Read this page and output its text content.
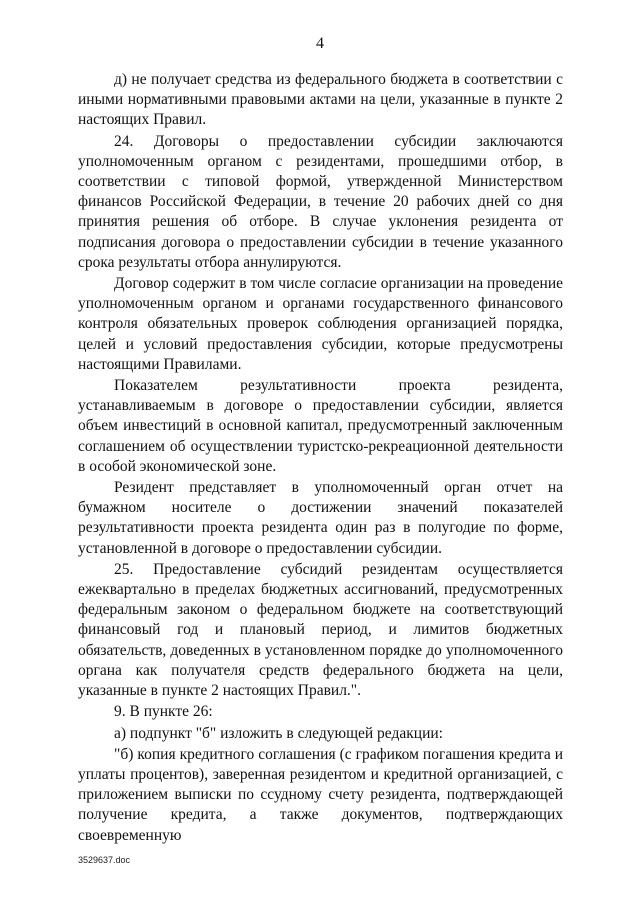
4

д) не получает средства из федерального бюджета в соответствии с иными нормативными правовыми актами на цели, указанные в пункте 2 настоящих Правил.

24. Договоры о предоставлении субсидии заключаются уполномоченным органом с резидентами, прошедшими отбор, в соответствии с типовой формой, утвержденной Министерством финансов Российской Федерации, в течение 20 рабочих дней со дня принятия решения об отборе. В случае уклонения резидента от подписания договора о предоставлении субсидии в течение указанного срока результаты отбора аннулируются.

Договор содержит в том числе согласие организации на проведение уполномоченным органом и органами государственного финансового контроля обязательных проверок соблюдения организацией порядка, целей и условий предоставления субсидии, которые предусмотрены настоящими Правилами.

Показателем результативности проекта резидента, устанавливаемым в договоре о предоставлении субсидии, является объем инвестиций в основной капитал, предусмотренный заключенным соглашением об осуществлении туристско-рекреационной деятельности в особой экономической зоне.

Резидент представляет в уполномоченный орган отчет на бумажном носителе о достижении значений показателей результативности проекта резидента один раз в полугодие по форме, установленной в договоре о предоставлении субсидии.

25. Предоставление субсидий резидентам осуществляется ежеквартально в пределах бюджетных ассигнований, предусмотренных федеральным законом о федеральном бюджете на соответствующий финансовый год и плановый период, и лимитов бюджетных обязательств, доведенных в установленном порядке до уполномоченного органа как получателя средств федерального бюджета на цели, указанные в пункте 2 настоящих Правил.".

9. В пункте 26:

а) подпункт "б" изложить в следующей редакции:

"б) копия кредитного соглашения (с графиком погашения кредита и уплаты процентов), заверенная резидентом и кредитной организацией, с приложением выписки по ссудному счету резидента, подтверждающей получение кредита, а также документов, подтверждающих своевременную

3529637.doc
